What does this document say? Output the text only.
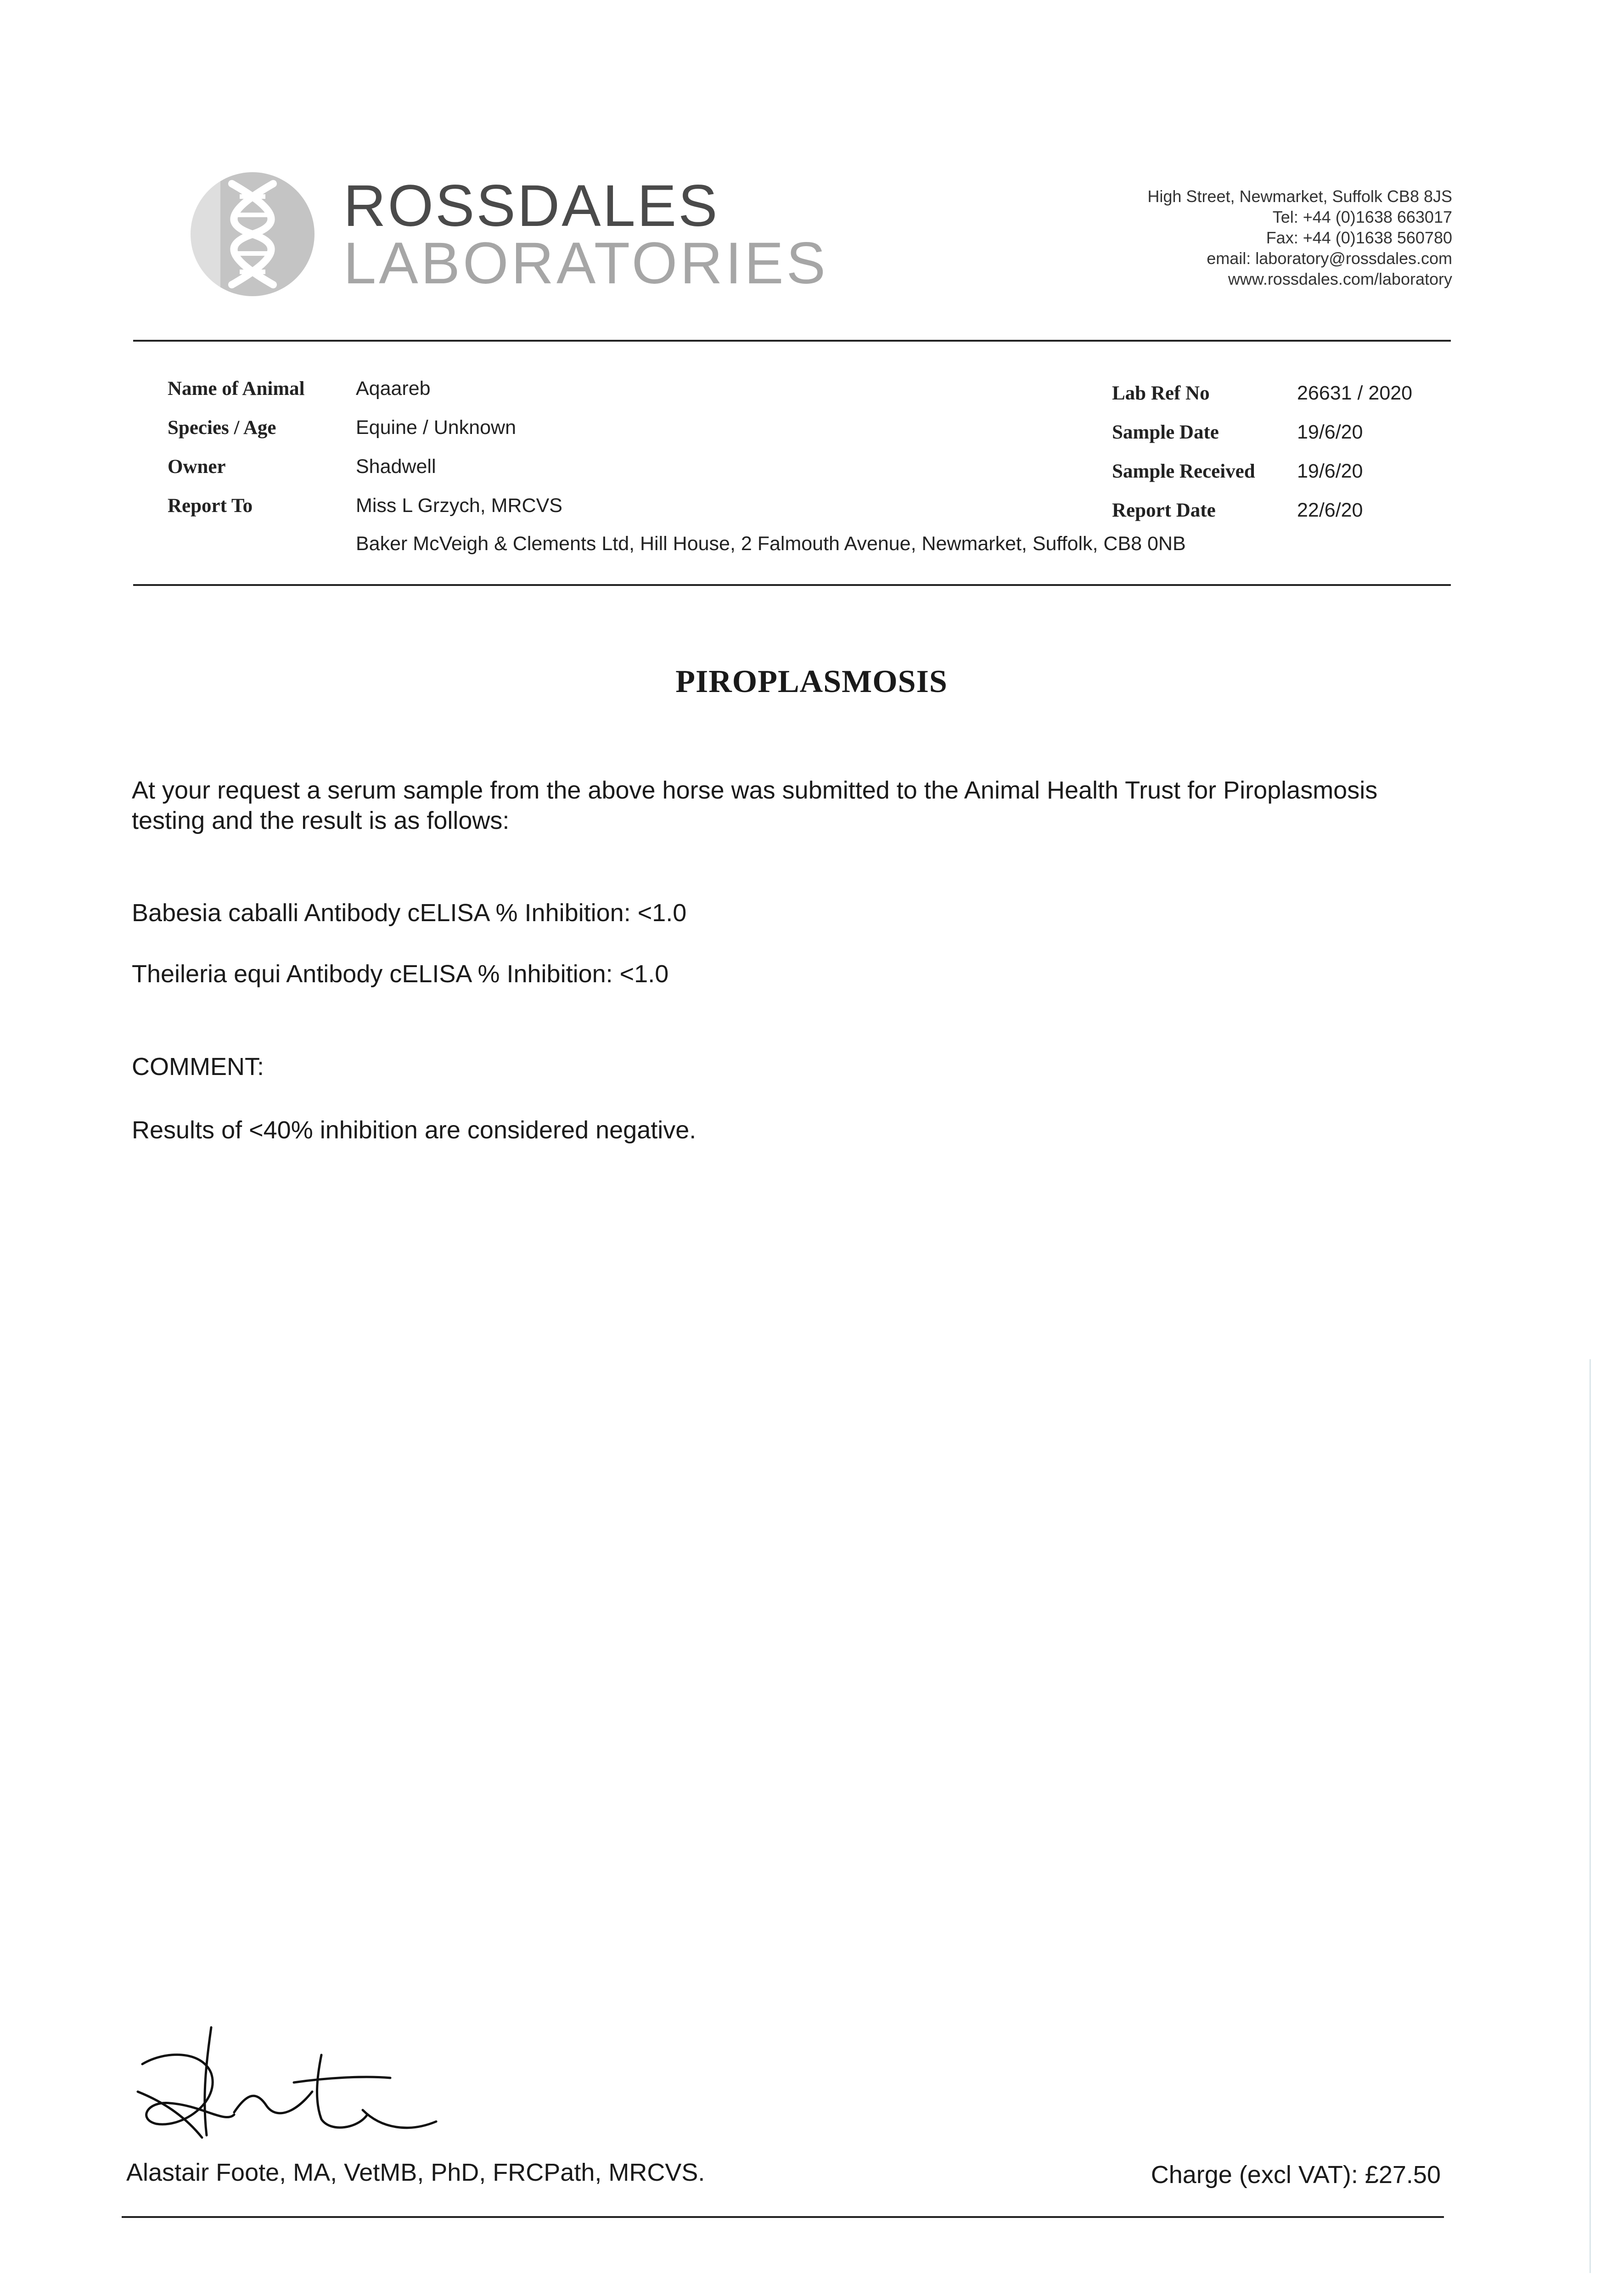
ROSSDALES
LABORATORIES
High Street, Newmarket, Suffolk CB8 8JS
Tel: +44 (0)1638 663017
Fax: +44 (0)1638 560780
email: laboratory@rossdales.com
www.rossdales.com/laboratory
Name of Animal	Aqaareb
Species / Age	Equine / Unknown
Owner	Shadwell
Report To	Miss L Grzych, MRCVS
Baker McVeigh & Clements Ltd, Hill House, 2 Falmouth Avenue, Newmarket, Suffolk, CB8 0NB
Lab Ref No	26631 / 2020
Sample Date	19/6/20
Sample Received 19/6/20
Report Date	22/6/20
PIROPLASMOSIS
At your request a serum sample from the above horse was submitted to the Animal Health Trust for Piroplasmosis
testing and the result is as follows:
Babesia caballi Antibody cELISA % Inhibition: <1.0
Theileria equi Antibody cELISA % Inhibition: <1.0
COMMENT:
Results of <40% inhibition are considered negative.
Alastair Foote, MA, VetMB, PhD, FRCPath, MRCVS.	Charge (excl VAT): £27.50
